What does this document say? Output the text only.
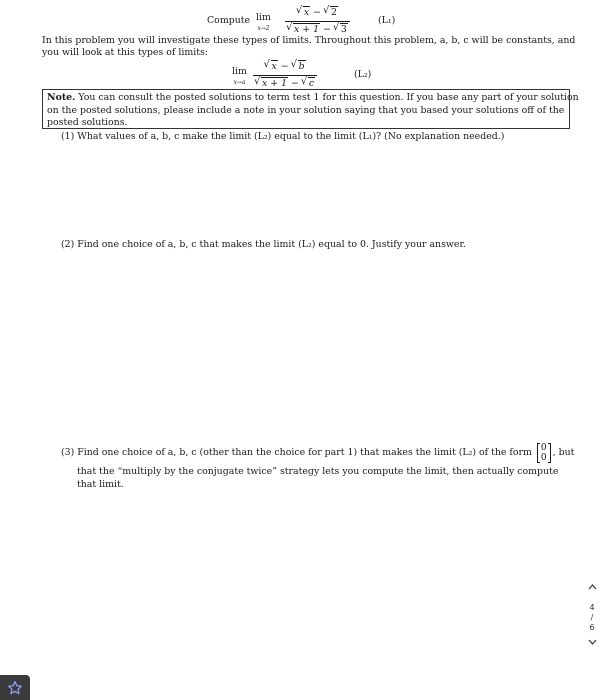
Compute lim
x→2 √ x − √ 2
√ x + 1 − √ 3	(L₁)
In this problem you will investigate these types of limits. Throughout this problem, a, b, c will be constants, and
you will look at this types of limits:
lim
x→a √ x − √ b
√ x + 1 − √ c	(L₂)
Note. You can consult the posted solutions to term test 1 for this question. If you base any part of your solution
on the posted solutions, please include a note in your solution saying that you based your solutions off of the
posted solutions.
(1) What values of a, b, c make the limit (L₂) equal to the limit (L₁)? (No explanation needed.)
(2) Find one choice of a, b, c that makes the limit (L₂) equal to 0. Justify your answer.
(3) Find one choice of a, b, c (other than the choice for part 1) that makes the limit (L₂) of the form 0
0 , but
that the “multiply by the conjugate twice” strategy lets you compute the limit, then actually compute
that limit.
4
/
6
